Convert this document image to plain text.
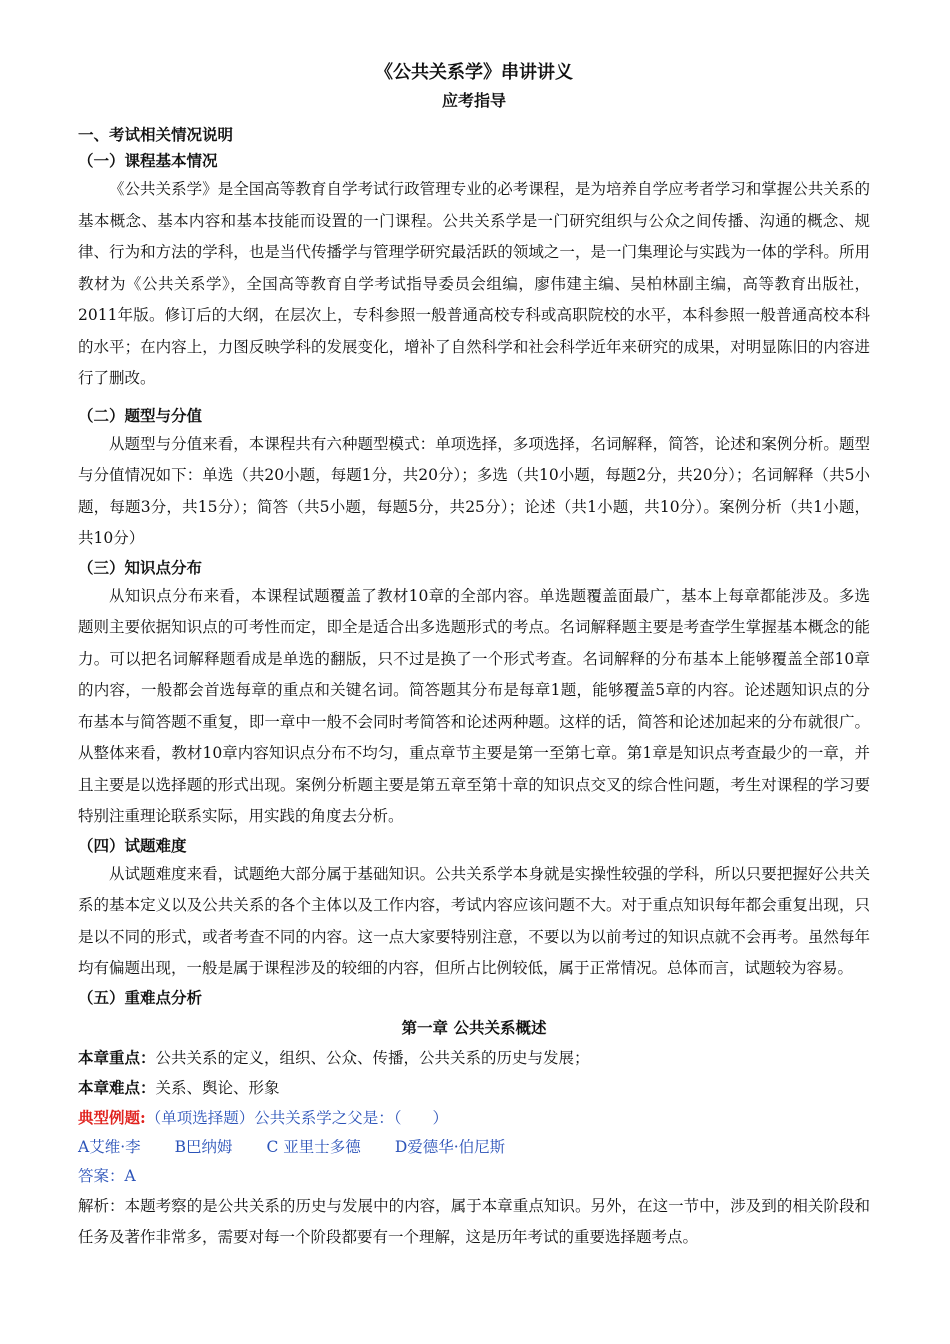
《公共关系学》串讲讲义

应考指导

一、考试相关情况说明

（一）课程基本情况

《公共关系学》是全国高等教育自学考试行政管理专业的必考课程，是为培养自学应考者学习和掌握公共关系的基本概念、基本内容和基本技能而设置的一门课程。公共关系学是一门研究组织与公众之间传播、沟通的概念、规律、行为和方法的学科，也是当代传播学与管理学研究最活跃的领域之一，是一门集理论与实践为一体的学科。所用教材为《公共关系学》，全国高等教育自学考试指导委员会组编，廖伟建主编、吴柏林副主编，高等教育出版社，2011年版。修订后的大纲，在层次上，专科参照一般普通高校专科或高职院校的水平，本科参照一般普通高校本科的水平；在内容上，力图反映学科的发展变化，增补了自然科学和社会科学近年来研究的成果，对明显陈旧的内容进行了删改。

（二）题型与分值

从题型与分值来看，本课程共有六种题型模式：单项选择，多项选择，名词解释，简答，论述和案例分析。题型与分值情况如下：单选（共20小题，每题1分，共20分）；多选（共10小题，每题2分，共20分）；名词解释（共5小题，每题3分，共15分）；简答（共5小题，每题5分，共25分）；论述（共1小题，共10分）。案例分析（共1小题，共10分）

（三）知识点分布

从知识点分布来看，本课程试题覆盖了教材10章的全部内容。单选题覆盖面最广，基本上每章都能涉及。多选题则主要依据知识点的可考性而定，即全是适合出多选题形式的考点。名词解释题主要是考查学生掌握基本概念的能力。可以把名词解释题看成是单选的翻版，只不过是换了一个形式考查。名词解释的分布基本上能够覆盖全部10章的内容，一般都会首选每章的重点和关键名词。简答题其分布是每章1题，能够覆盖5章的内容。论述题知识点的分布基本与简答题不重复，即一章中一般不会同时考简答和论述两种题。这样的话，简答和论述加起来的分布就很广。从整体来看，教材10章内容知识点分布不均匀，重点章节主要是第一至第七章。第1章是知识点考查最少的一章，并且主要是以选择题的形式出现。案例分析题主要是第五章至第十章的知识点交叉的综合性问题，考生对课程的学习要特别注重理论联系实际，用实践的角度去分析。

（四）试题难度

从试题难度来看，试题绝大部分属于基础知识。公共关系学本身就是实操性较强的学科，所以只要把握好公共关系的基本定义以及公共关系的各个主体以及工作内容，考试内容应该问题不大。对于重点知识每年都会重复出现，只是以不同的形式，或者考查不同的内容。这一点大家要特别注意，不要以为以前考过的知识点就不会再考。虽然每年均有偏题出现，一般是属于课程涉及的较细的内容，但所占比例较低，属于正常情况。总体而言，试题较为容易。

（五）重难点分析

第一章 公共关系概述

本章重点：公共关系的定义，组织、公众、传播，公共关系的历史与发展；

本章难点：关系、舆论、形象

典型例题:（单项选择题）公共关系学之父是：（　　）

A艾维·李 B巴纳姆 C 亚里士多德 D爱德华·伯尼斯

答案：A

解析：本题考察的是公共关系的历史与发展中的内容，属于本章重点知识。另外，在这一节中，涉及到的相关阶段和任务及著作非常多，需要对每一个阶段都要有一个理解，这是历年考试的重要选择题考点。
